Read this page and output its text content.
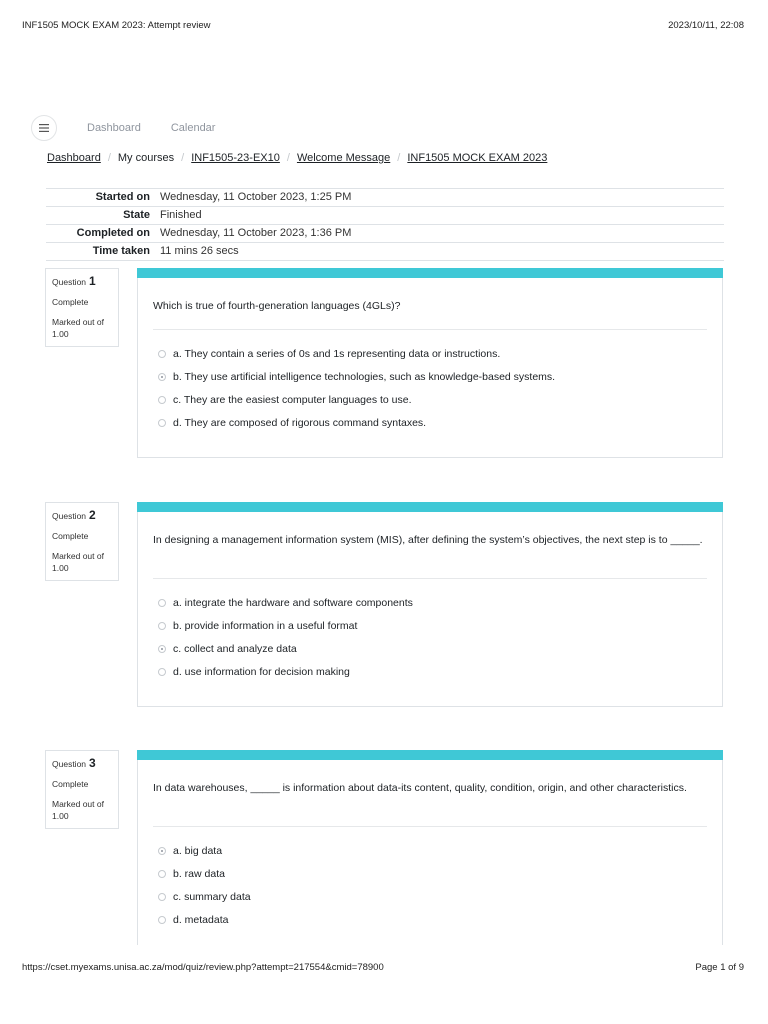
INF1505 MOCK EXAM 2023: Attempt review	2023/10/11, 22:08
Dashboard	Calendar
Dashboard / My courses / INF1505-23-EX10 / Welcome Message / INF1505 MOCK EXAM 2023
Started on	Wednesday, 11 October 2023, 1:25 PM
State	Finished
Completed on	Wednesday, 11 October 2023, 1:36 PM
Time taken	11 mins 26 secs
Question 1
Complete
Marked out of 1.00
Which is true of fourth-generation languages (4GLs)?
a. They contain a series of 0s and 1s representing data or instructions.
b. They use artificial intelligence technologies, such as knowledge-based systems.
c. They are the easiest computer languages to use.
d. They are composed of rigorous command syntaxes.
Question 2
Complete
Marked out of 1.00
In designing a management information system (MIS), after defining the system’s objectives, the next step is to _____.
a. integrate the hardware and software components
b. provide information in a useful format
c. collect and analyze data
d. use information for decision making
Question 3
Complete
Marked out of 1.00
In data warehouses, _____ is information about data-its content, quality, condition, origin, and other characteristics.
a. big data
b. raw data
c. summary data
d. metadata
https://cset.myexams.unisa.ac.za/mod/quiz/review.php?attempt=217554&cmid=78900	Page 1 of 9
